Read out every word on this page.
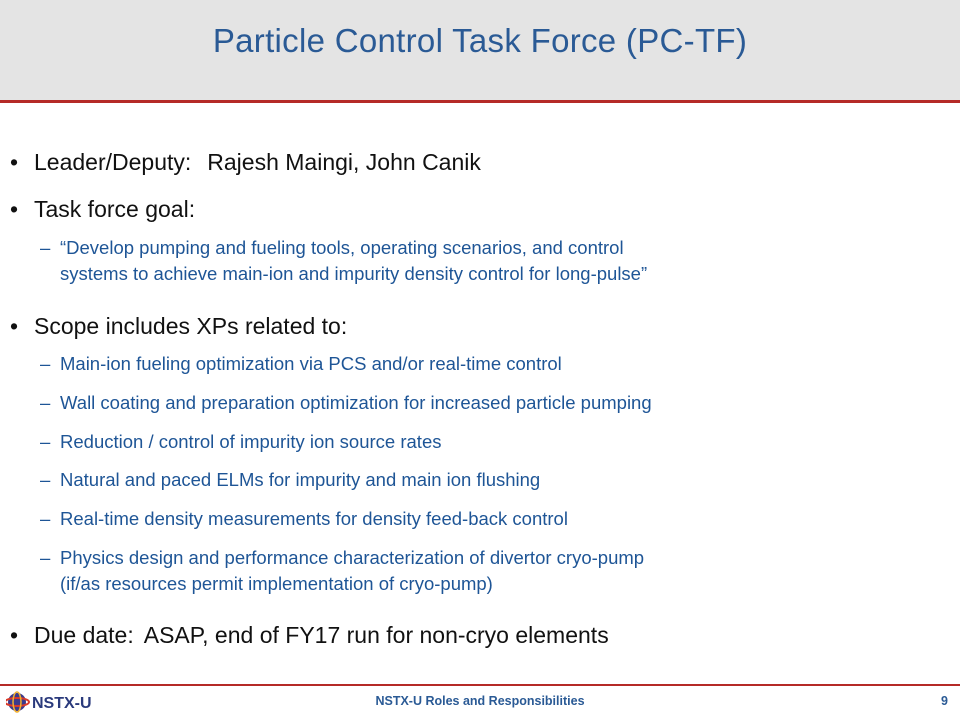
Particle Control Task Force (PC-TF)
• Leader/Deputy: Rajesh Maingi, John Canik
• Task force goal:
– “Develop pumping and fueling tools, operating scenarios, and control
systems to achieve main-ion and impurity density control for long-pulse”
• Scope includes XPs related to:
– Main-ion fueling optimization via PCS and/or real-time control
– Wall coating and preparation optimization for increased particle pumping
– Reduction / control of impurity ion source rates
– Natural and paced ELMs for impurity and main ion flushing
– Real-time density measurements for density feed-back control
– Physics design and performance characterization of divertor cryo-pump
(if/as resources permit implementation of cryo-pump)
• Due date: ASAP, end of FY17 run for non-cryo elements
NSTX-U	NSTX-U Roles and Responsibilities	9
